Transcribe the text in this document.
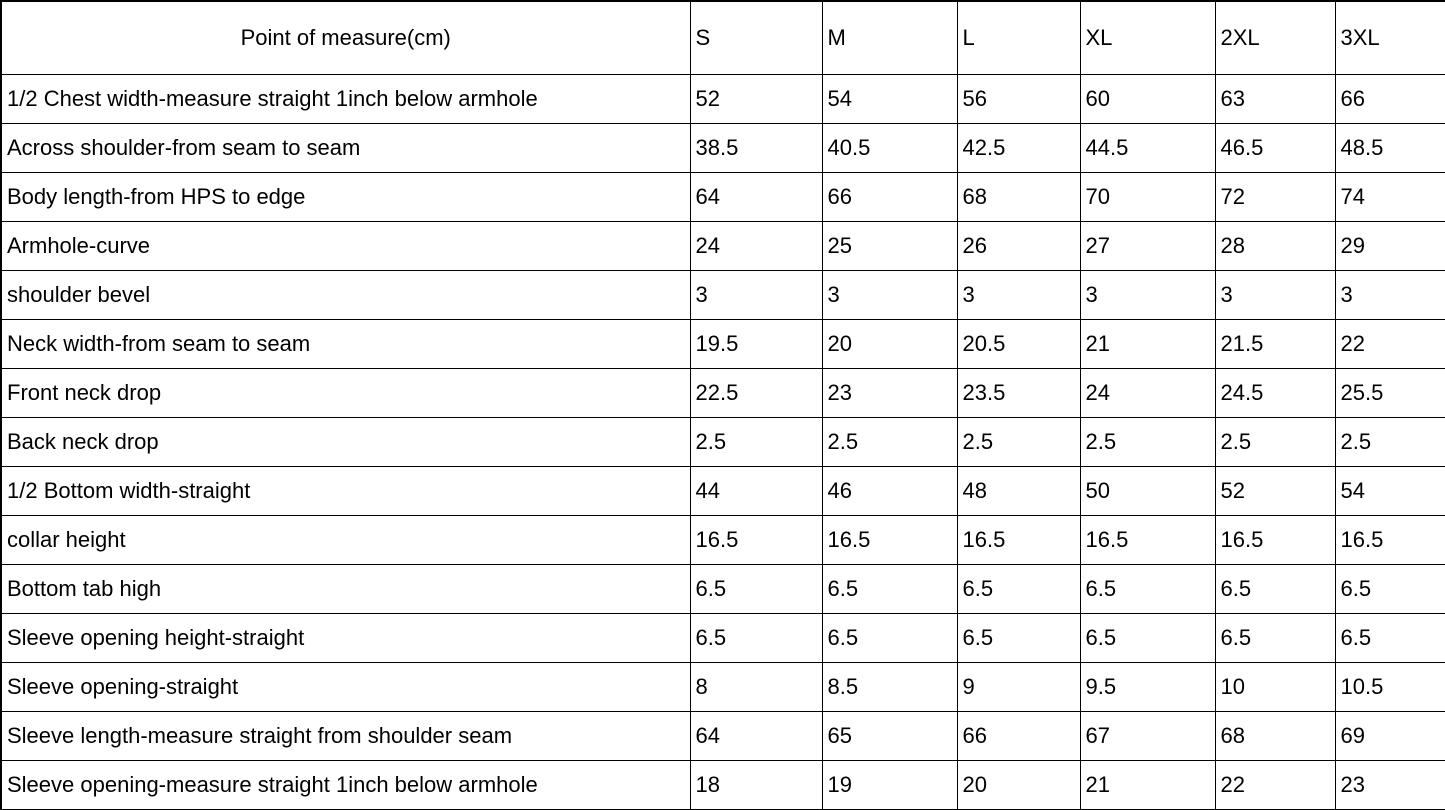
Point of measure(cm)	S	M	L	XL	2XL	3XL
1/2 Chest width-measure straight 1inch below armhole	52	54	56	60	63	66
Across shoulder-from seam to seam	38.5	40.5	42.5	44.5	46.5	48.5
Body length-from HPS to edge	64	66	68	70	72	74
Armhole-curve	24	25	26	27	28	29
shoulder bevel	3	3	3	3	3	3
Neck width-from seam to seam	19.5	20	20.5	21	21.5	22
Front neck drop	22.5	23	23.5	24	24.5	25.5
Back neck drop	2.5	2.5	2.5	2.5	2.5	2.5
1/2 Bottom width-straight	44	46	48	50	52	54
collar height	16.5	16.5	16.5	16.5	16.5	16.5
Bottom tab high	6.5	6.5	6.5	6.5	6.5	6.5
Sleeve opening height-straight	6.5	6.5	6.5	6.5	6.5	6.5
Sleeve opening-straight	8	8.5	9	9.5	10	10.5
Sleeve length-measure straight from shoulder seam	64	65	66	67	68	69
Sleeve opening-measure straight 1inch below armhole	18	19	20	21	22	23
